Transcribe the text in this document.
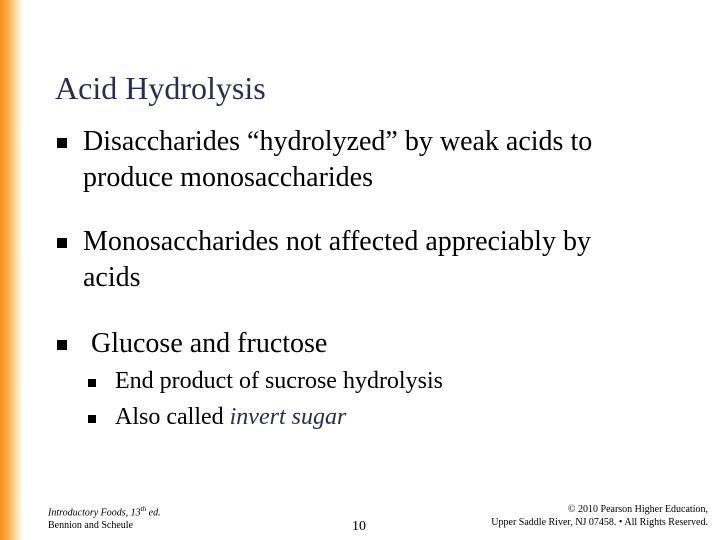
Acid Hydrolysis
Disaccharides “hydrolyzed” by weak acids to
produce monosaccharides
Monosaccharides not affected appreciably by
acids
Glucose and fructose
End product of sucrose hydrolysis
Also called invert sugar
Introductory Foods, 13th ed.
Bennion and Scheule	10
© 2010 Pearson Higher Education,
Upper Saddle River, NJ 07458. • All Rights Reserved.
